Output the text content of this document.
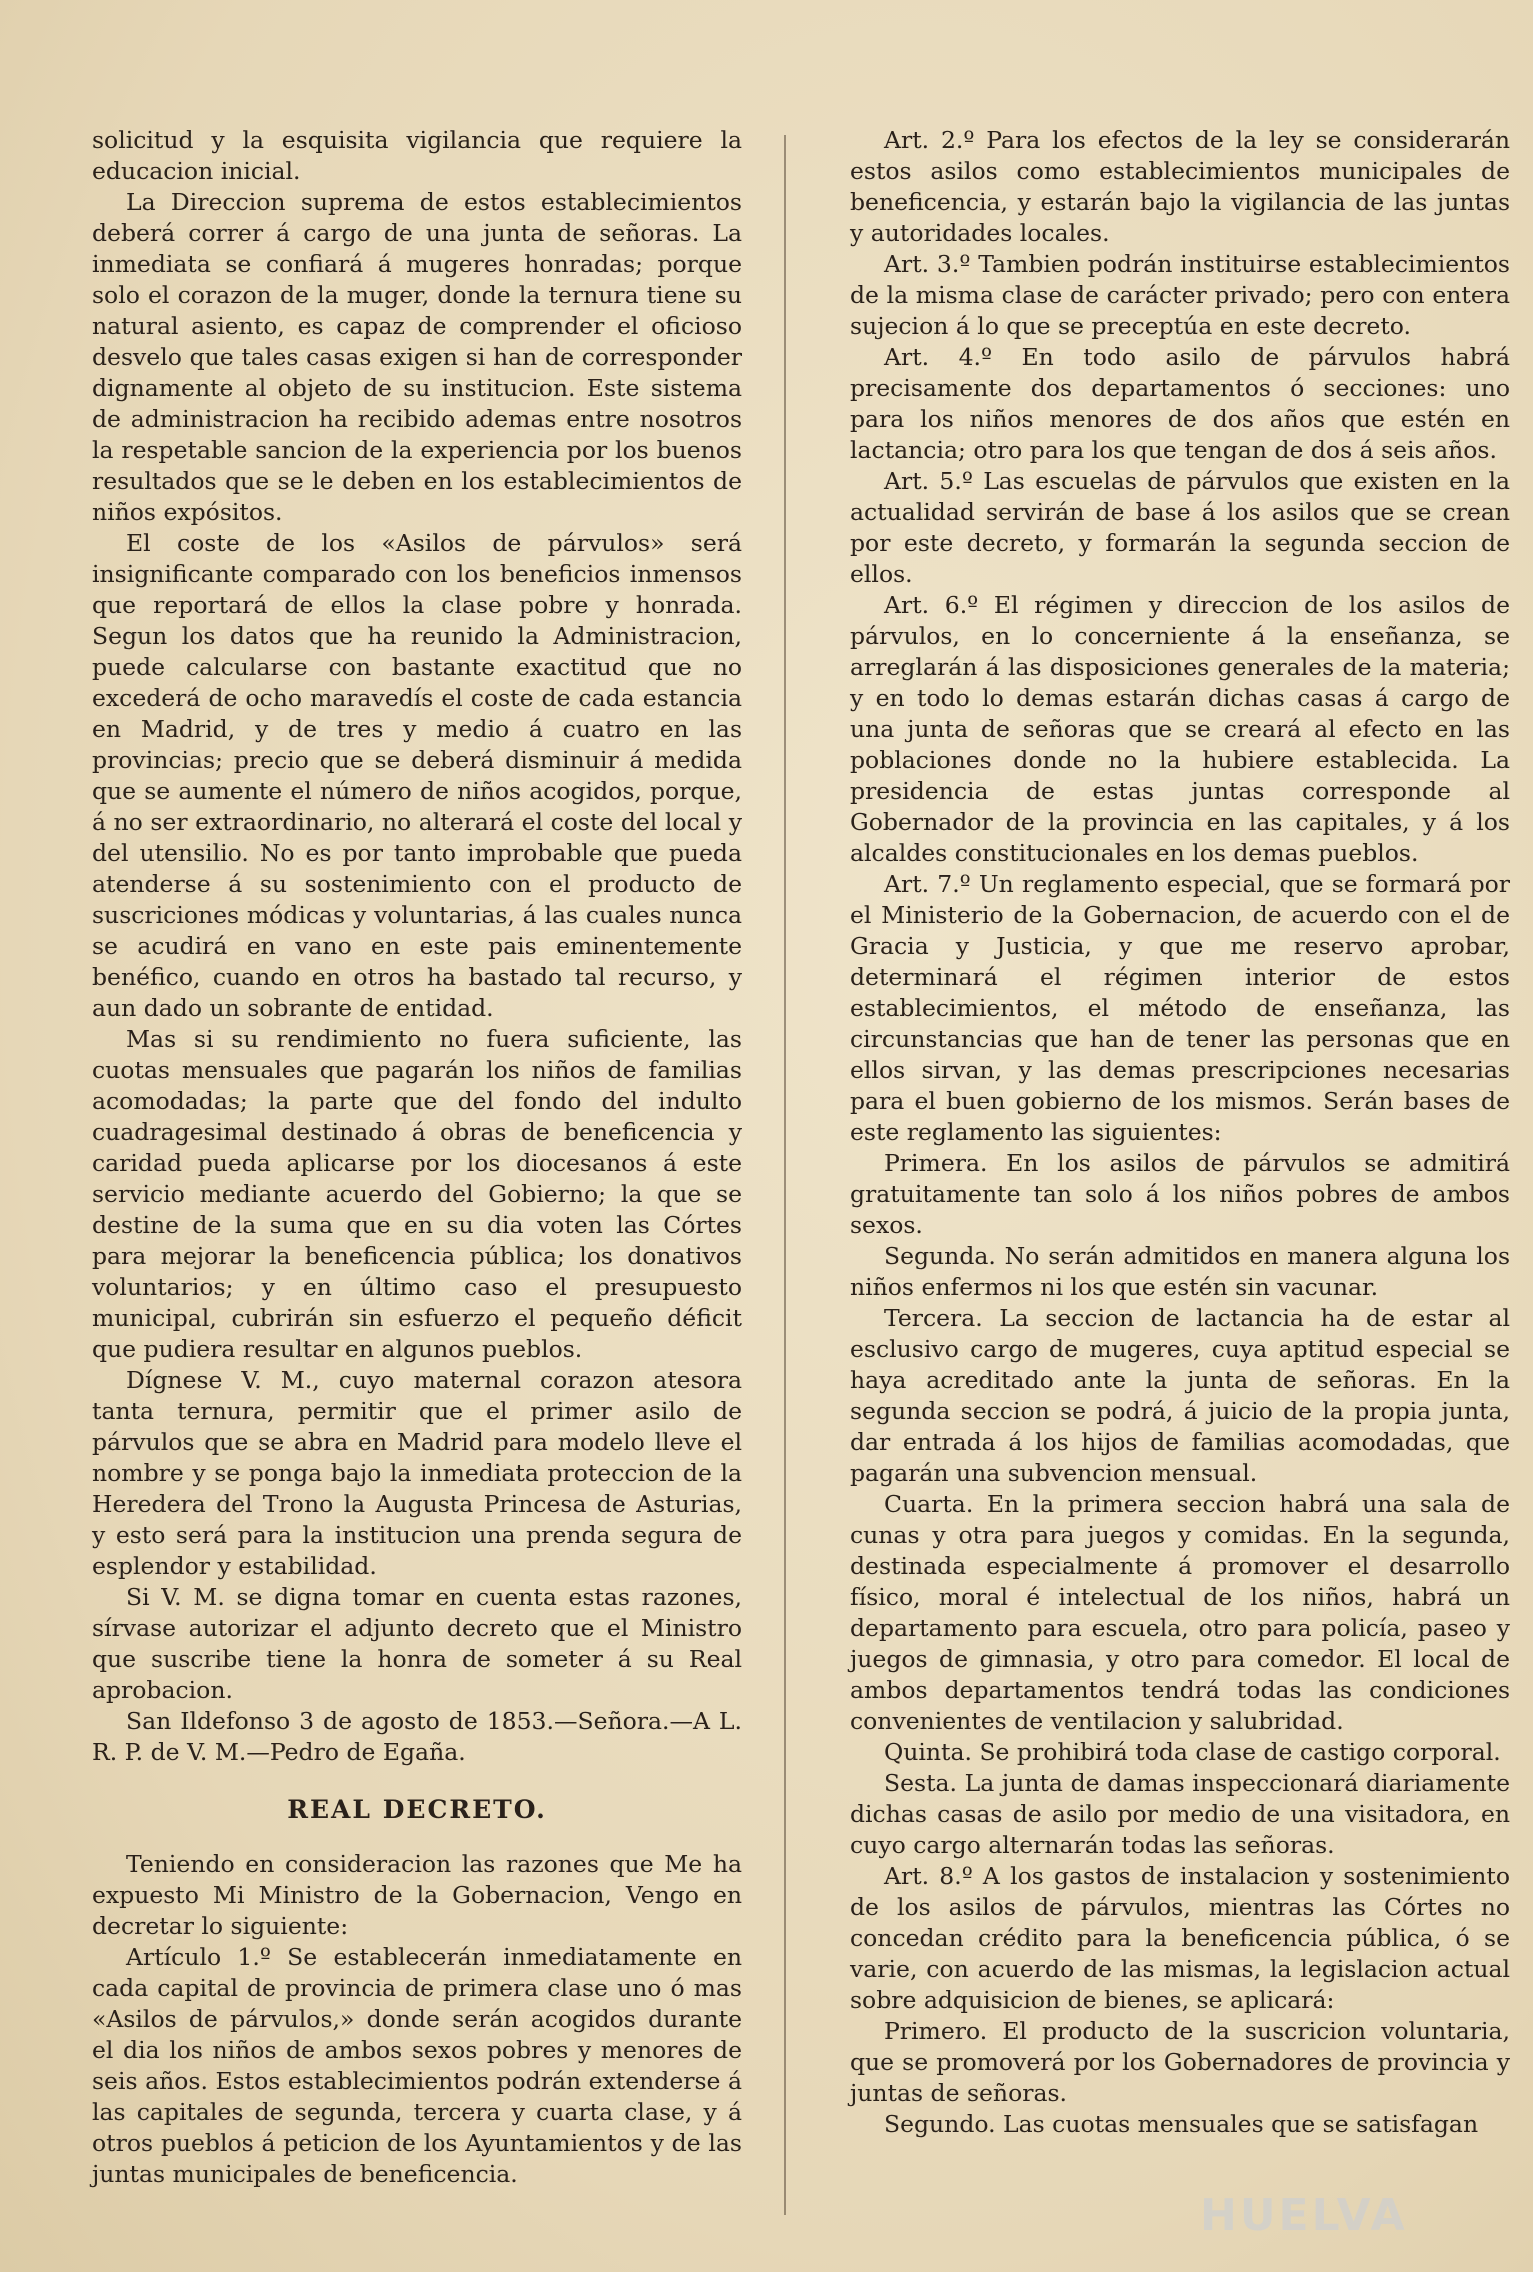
solicitud y la esquisita vigilancia que requiere la educacion inicial.

La Direccion suprema de estos establecimientos deberá correr á cargo de una junta de señoras. La inmediata se confiará á mugeres honradas; porque solo el corazon de la muger, donde la ternura tiene su natural asiento, es capaz de comprender el oficioso desvelo que tales casas exigen si han de corresponder dignamente al objeto de su institucion. Este sistema de administracion ha recibido ademas entre nosotros la respetable sancion de la experiencia por los buenos resultados que se le deben en los establecimientos de niños expósitos.

El coste de los «Asilos de párvulos» será insignificante comparado con los beneficios inmensos que reportará de ellos la clase pobre y honrada. Segun los datos que ha reunido la Administracion, puede calcularse con bastante exactitud que no excederá de ocho maravedís el coste de cada estancia en Madrid, y de tres y medio á cuatro en las provincias; precio que se deberá disminuir á medida que se aumente el número de niños acogidos, porque, á no ser extraordinario, no alterará el coste del local y del utensilio. No es por tanto improbable que pueda atenderse á su sostenimiento con el producto de suscriciones módicas y voluntarias, á las cuales nunca se acudirá en vano en este pais eminentemente benéfico, cuando en otros ha bastado tal recurso, y aun dado un sobrante de entidad.

Mas si su rendimiento no fuera suficiente, las cuotas mensuales que pagarán los niños de familias acomodadas; la parte que del fondo del indulto cuadragesimal destinado á obras de beneficencia y caridad pueda aplicarse por los diocesanos á este servicio mediante acuerdo del Gobierno; la que se destine de la suma que en su dia voten las Córtes para mejorar la beneficencia pública; los donativos voluntarios; y en último caso el presupuesto municipal, cubrirán sin esfuerzo el pequeño déficit que pudiera resultar en algunos pueblos.

Dígnese V. M., cuyo maternal corazon atesora tanta ternura, permitir que el primer asilo de párvulos que se abra en Madrid para modelo lleve el nombre y se ponga bajo la inmediata proteccion de la Heredera del Trono la Augusta Princesa de Asturias, y esto será para la institucion una prenda segura de esplendor y estabilidad.

Si V. M. se digna tomar en cuenta estas razones, sírvase autorizar el adjunto decreto que el Ministro que suscribe tiene la honra de someter á su Real aprobacion.

San Ildefonso 3 de agosto de 1853.—Señora.—A L. R. P. de V. M.—Pedro de Egaña.

REAL DECRETO.

Teniendo en consideracion las razones que Me ha expuesto Mi Ministro de la Gobernacion, Vengo en decretar lo siguiente:

Artículo 1.º Se establecerán inmediatamente en cada capital de provincia de primera clase uno ó mas «Asilos de párvulos,» donde serán acogidos durante el dia los niños de ambos sexos pobres y menores de seis años. Estos establecimientos podrán extenderse á las capitales de segunda, tercera y cuarta clase, y á otros pueblos á peticion de los Ayuntamientos y de las juntas municipales de beneficencia.

Art. 2.º Para los efectos de la ley se considerarán estos asilos como establecimientos municipales de beneficencia, y estarán bajo la vigilancia de las juntas y autoridades locales.

Art. 3.º Tambien podrán instituirse establecimientos de la misma clase de carácter privado; pero con entera sujecion á lo que se preceptúa en este decreto.

Art. 4.º En todo asilo de párvulos habrá precisamente dos departamentos ó secciones: uno para los niños menores de dos años que estén en lactancia; otro para los que tengan de dos á seis años.

Art. 5.º Las escuelas de párvulos que existen en la actualidad servirán de base á los asilos que se crean por este decreto, y formarán la segunda seccion de ellos.

Art. 6.º El régimen y direccion de los asilos de párvulos, en lo concerniente á la enseñanza, se arreglarán á las disposiciones generales de la materia; y en todo lo demas estarán dichas casas á cargo de una junta de señoras que se creará al efecto en las poblaciones donde no la hubiere establecida. La presidencia de estas juntas corresponde al Gobernador de la provincia en las capitales, y á los alcaldes constitucionales en los demas pueblos.

Art. 7.º Un reglamento especial, que se formará por el Ministerio de la Gobernacion, de acuerdo con el de Gracia y Justicia, y que me reservo aprobar, determinará el régimen interior de estos establecimientos, el método de enseñanza, las circunstancias que han de tener las personas que en ellos sirvan, y las demas prescripciones necesarias para el buen gobierno de los mismos. Serán bases de este reglamento las siguientes:

Primera. En los asilos de párvulos se admitirá gratuitamente tan solo á los niños pobres de ambos sexos.

Segunda. No serán admitidos en manera alguna los niños enfermos ni los que estén sin vacunar.

Tercera. La seccion de lactancia ha de estar al esclusivo cargo de mugeres, cuya aptitud especial se haya acreditado ante la junta de señoras. En la segunda seccion se podrá, á juicio de la propia junta, dar entrada á los hijos de familias acomodadas, que pagarán una subvencion mensual.

Cuarta. En la primera seccion habrá una sala de cunas y otra para juegos y comidas. En la segunda, destinada especialmente á promover el desarrollo físico, moral é intelectual de los niños, habrá un departamento para escuela, otro para policía, paseo y juegos de gimnasia, y otro para comedor. El local de ambos departamentos tendrá todas las condiciones convenientes de ventilacion y salubridad.

Quinta. Se prohibirá toda clase de castigo corporal.

Sesta. La junta de damas inspeccionará diariamente dichas casas de asilo por medio de una visitadora, en cuyo cargo alternarán todas las señoras.

Art. 8.º A los gastos de instalacion y sostenimiento de los asilos de párvulos, mientras las Córtes no concedan crédito para la beneficencia pública, ó se varie, con acuerdo de las mismas, la legislacion actual sobre adquisicion de bienes, se aplicará:

Primero. El producto de la suscricion voluntaria, que se promoverá por los Gobernadores de provincia y juntas de señoras.

Segundo. Las cuotas mensuales que se satisfagan

HUELVA
